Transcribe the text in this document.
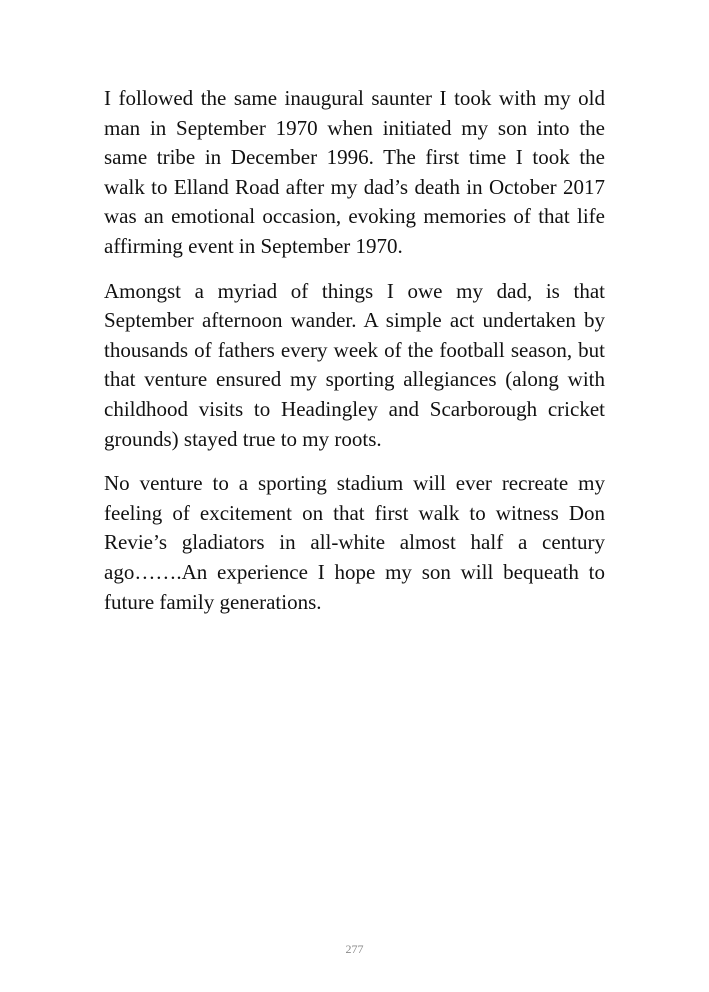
I followed the same inaugural saunter I took with my old man in September 1970 when initiated my son into the same tribe in December 1996. The first time I took the walk to Elland Road after my dad’s death in October 2017 was an emotional occasion, evoking memories of that life affirming event in September 1970.

Amongst a myriad of things I owe my dad, is that September afternoon wander. A simple act undertaken by thousands of fathers every week of the football season, but that venture ensured my sporting allegiances (along with childhood visits to Headingley and Scarborough cricket grounds) stayed true to my roots.

No venture to a sporting stadium will ever recreate my feeling of excitement on that first walk to witness Don Revie’s gladiators in all-white almost half a century ago…….An experience I hope my son will bequeath to future family generations.

277
